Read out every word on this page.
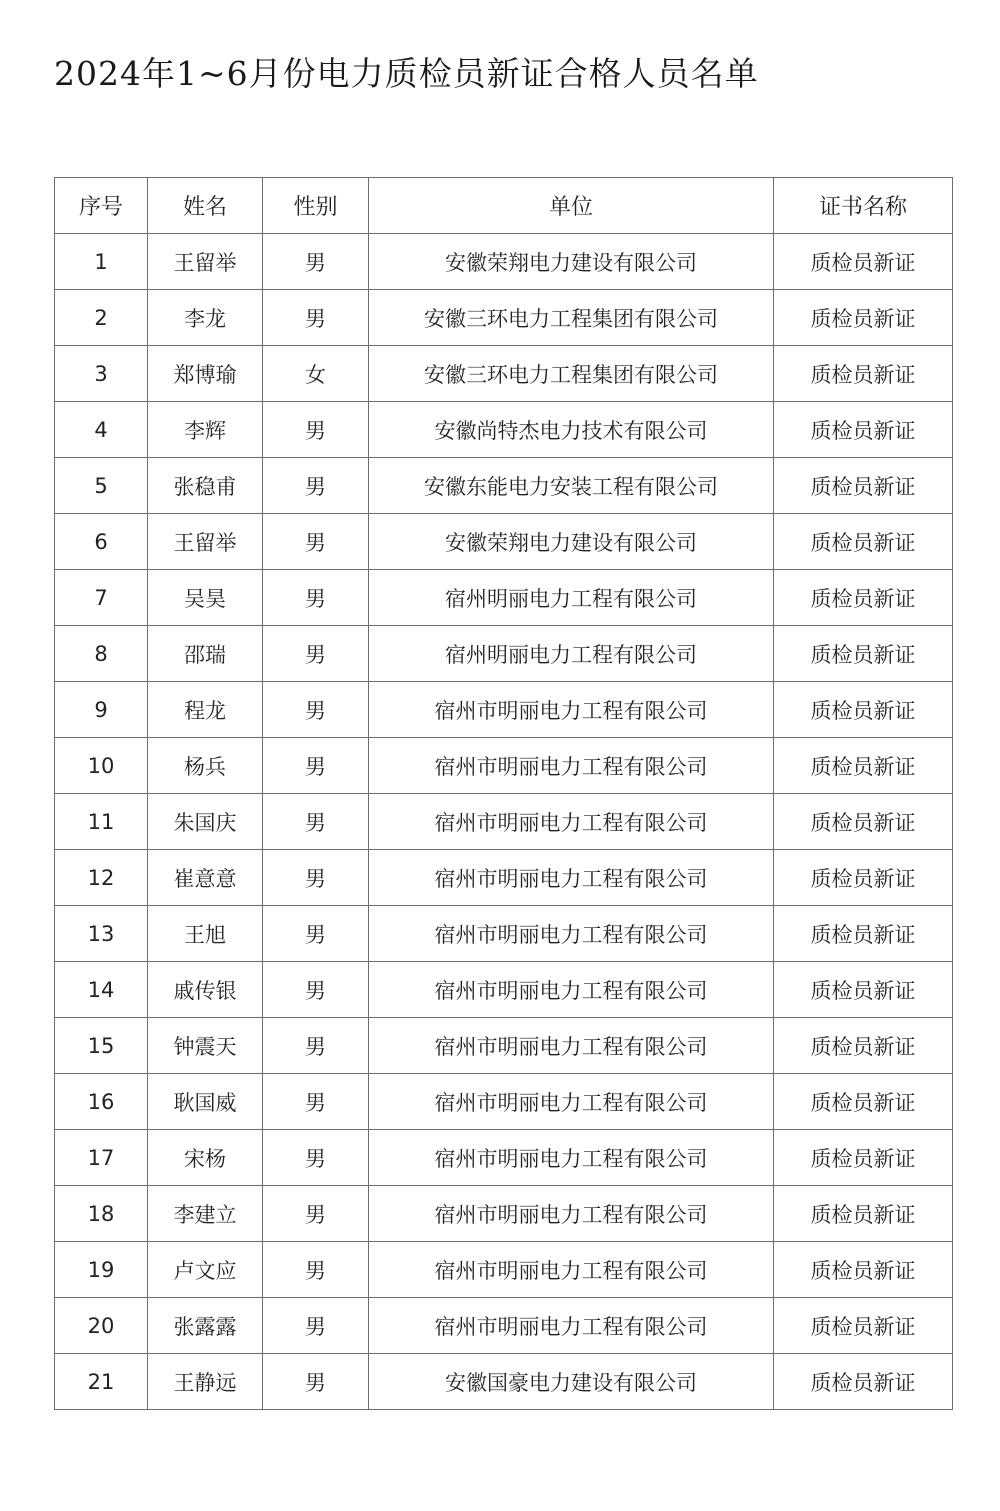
2024年1~6月份电力质检员新证合格人员名单
序号	姓名	性别	单位	证书名称
1	王留举	男	安徽荣翔电力建设有限公司	质检员新证
2	李龙	男	安徽三环电力工程集团有限公司	质检员新证
3	郑博瑜	女	安徽三环电力工程集团有限公司	质检员新证
4	李辉	男	安徽尚特杰电力技术有限公司	质检员新证
5	张稳甫	男	安徽东能电力安装工程有限公司	质检员新证
6	王留举	男	安徽荣翔电力建设有限公司	质检员新证
7	吴昊	男	宿州明丽电力工程有限公司	质检员新证
8	邵瑞	男	宿州明丽电力工程有限公司	质检员新证
9	程龙	男	宿州市明丽电力工程有限公司	质检员新证
10	杨兵	男	宿州市明丽电力工程有限公司	质检员新证
11	朱国庆	男	宿州市明丽电力工程有限公司	质检员新证
12	崔意意	男	宿州市明丽电力工程有限公司	质检员新证
13	王旭	男	宿州市明丽电力工程有限公司	质检员新证
14	戚传银	男	宿州市明丽电力工程有限公司	质检员新证
15	钟震天	男	宿州市明丽电力工程有限公司	质检员新证
16	耿国威	男	宿州市明丽电力工程有限公司	质检员新证
17	宋杨	男	宿州市明丽电力工程有限公司	质检员新证
18	李建立	男	宿州市明丽电力工程有限公司	质检员新证
19	卢文应	男	宿州市明丽电力工程有限公司	质检员新证
20	张露露	男	宿州市明丽电力工程有限公司	质检员新证
21	王静远	男	安徽国豪电力建设有限公司	质检员新证
